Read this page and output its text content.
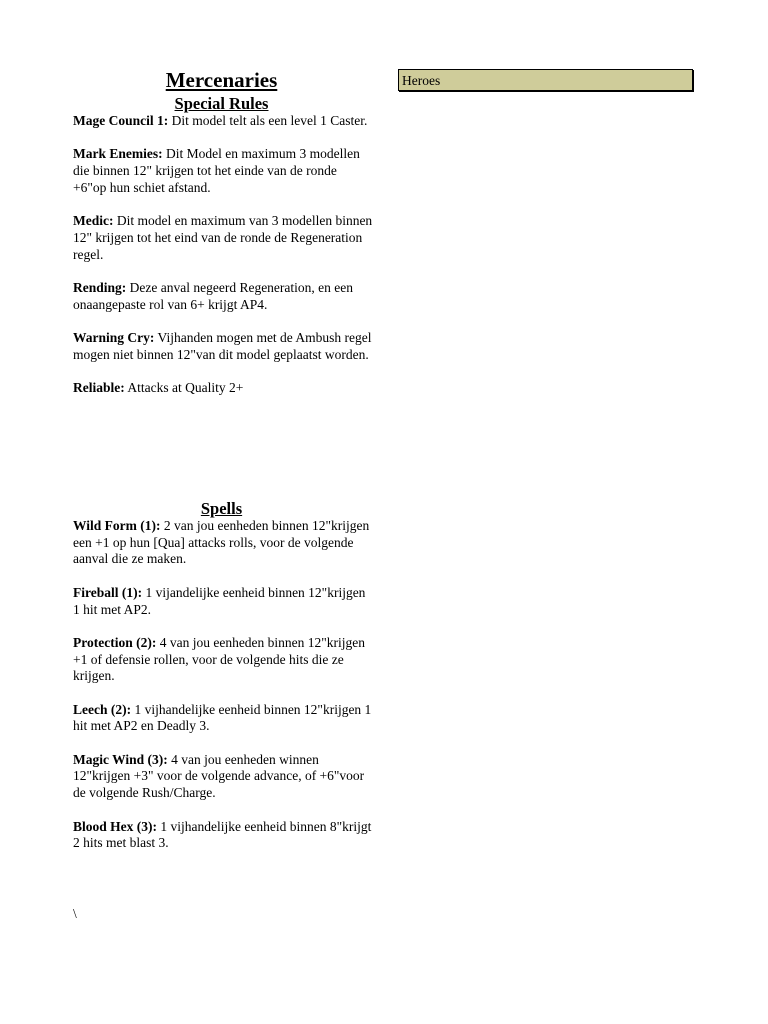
Mercenaries
Special Rules

Mage Council 1: Dit model telt als een level 1 Caster.

Mark Enemies: Dit Model en maximum 3 modellen die binnen 12" krijgen tot het einde van de ronde +6"op hun schiet afstand.

Medic: Dit model en maximum van 3 modellen binnen 12" krijgen tot het eind van de ronde de Regeneration regel.

Rending: Deze anval negeerd Regeneration, en een onaangepaste rol van 6+ krijgt AP4.

Warning Cry: Vijhanden mogen met de Ambush regel mogen niet binnen 12"van dit model geplaatst worden.

Reliable: Attacks at Quality 2+

Spells

Wild Form (1): 2 van jou eenheden binnen 12"krijgen een +1 op hun [Qua] attacks rolls, voor de volgende aanval die ze maken.

Fireball (1): 1 vijandelijke eenheid binnen 12"krijgen 1 hit met AP2.

Protection (2): 4 van jou eenheden binnen 12"krijgen +1 of defensie rollen, voor de volgende hits die ze krijgen.

Leech (2): 1 vijhandelijke eenheid binnen 12"krijgen 1 hit met AP2 en Deadly 3.

Magic Wind (3): 4 van jou eenheden winnen 12"krijgen +3" voor de volgende advance, of +6"voor de volgende Rush/Charge.

Blood Hex (3): 1 vijhandelijke eenheid binnen 8"krijgt 2 hits met blast 3.

\
Heroes
